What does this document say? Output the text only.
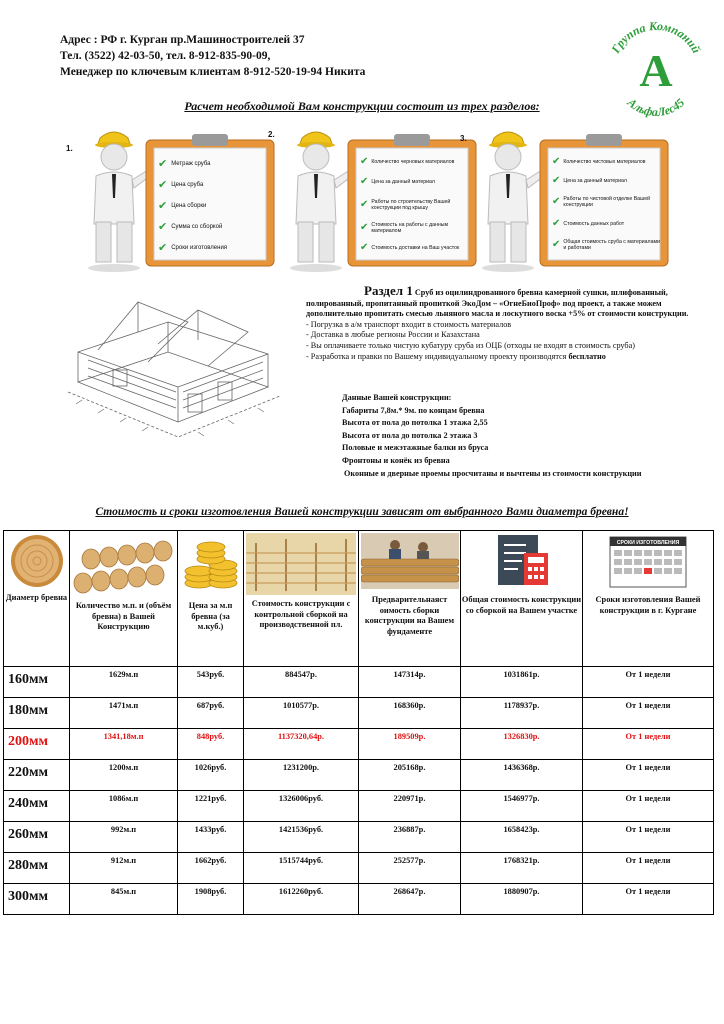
Адрес : РФ г. Курган пр.Машиностроителей 37
Тел. (3522) 42-03-50, тел. 8-912-835-90-09,
Менеджер по ключевым клиентам 8-912-520-19-94 Никита
Группа Компаний
АльфаЛес45
А
Расчет необходимой Вам конструкции состоит из трех разделов:
1.
✔ Метраж сруба
✔ Цена сруба
✔ Цена сборки
✔ Сумма со сборкой
✔ Сроки изготовления
2.
✔ Количество черновых материалов
✔ Цена за данный материал
✔ Работы по строительству Вашей конструкции под крышу
✔ Стоимость на работы с данным материалом
✔ Стоимость доставки на Ваш участок
3.
✔ Количество чистовых материалов
✔ Цена за данный материал
✔ Работы по чистовой отделке Вашей конструкции
✔ Стоимость данных работ
✔ Общая стоимость сруба с материалами и работами
Раздел 1 Сруб из оцилиндрованного бревна камерной сушки, шлифованный, полированный, пропитанный пропиткой ЭкоДом – «ОгнеБиоПроф» под проект, а также можем дополнительно пропитать смесью льняного масла и лоскутного воска +5% от стоимости конструкции.
- Погрузка в а/м транспорт входит в стоимость материалов
- Доставка в любые регионы России и Казахстана
- Вы оплачиваете только чистую кубатуру сруба из ОЦБ (отходы не входят в стоимость сруба)
- Разработка и правки по Вашему индивидуальному проекту производятся бесплатно
Данные Вашей конструкции:
Габариты 7,8м.* 9м. по концам бревна
Высота от пола до потолка 1 этажа 2,55
Высота от пола до потолка 2 этажа 3
Половые и межэтажные балки из бруса
Фронтоны и конёк из бревна
Оконные и дверные проемы просчитаны и вычтены из стоимости конструкции
Стоимость и сроки изготовления Вашей конструкции зависят от выбранного Вами диаметра бревна!
Диаметр бревна	Количество м.п. и (объём бревна) в Вашей Конструкцию	Цена за м.п бревна (за м.куб.)	Стоимость конструкции с контрольной сборкой на производственной пл.	Предварительнаяст оимость сборки конструкции на Вашем фундаменте	Общая стоимость конструкции со сборкой на Вашем участке	СРОКИ ИЗГОТОВЛЕНИЯ
Сроки изготовления Вашей конструкции в г. Кургане

160мм	1629м.п	543руб.	884547р.	147314р.	1031861р.	От 1 недели

180мм	1471м.п	687руб.	1010577р.	168360р.	1178937р.	От 1 недели

200мм	1341,18м.п	848руб.	1137320,64р.	189509р.	1326830р.	От 1 недели

220мм	1200м.п	1026руб.	1231200р.	205168р.	1436368р.	От 1 недели

240мм	1086м.п	1221руб.	1326006руб.	220971р.	1546977р.	От 1 недели

260мм	992м.п	1433руб.	1421536руб.	236887р.	1658423р.	От 1 недели

280мм	912м.п	1662руб.	1515744руб.	252577р.	1768321р.	От 1 недели

300мм	845м.п	1908руб.	1612260руб.	268647р.	1880907р.	От 1 недели
